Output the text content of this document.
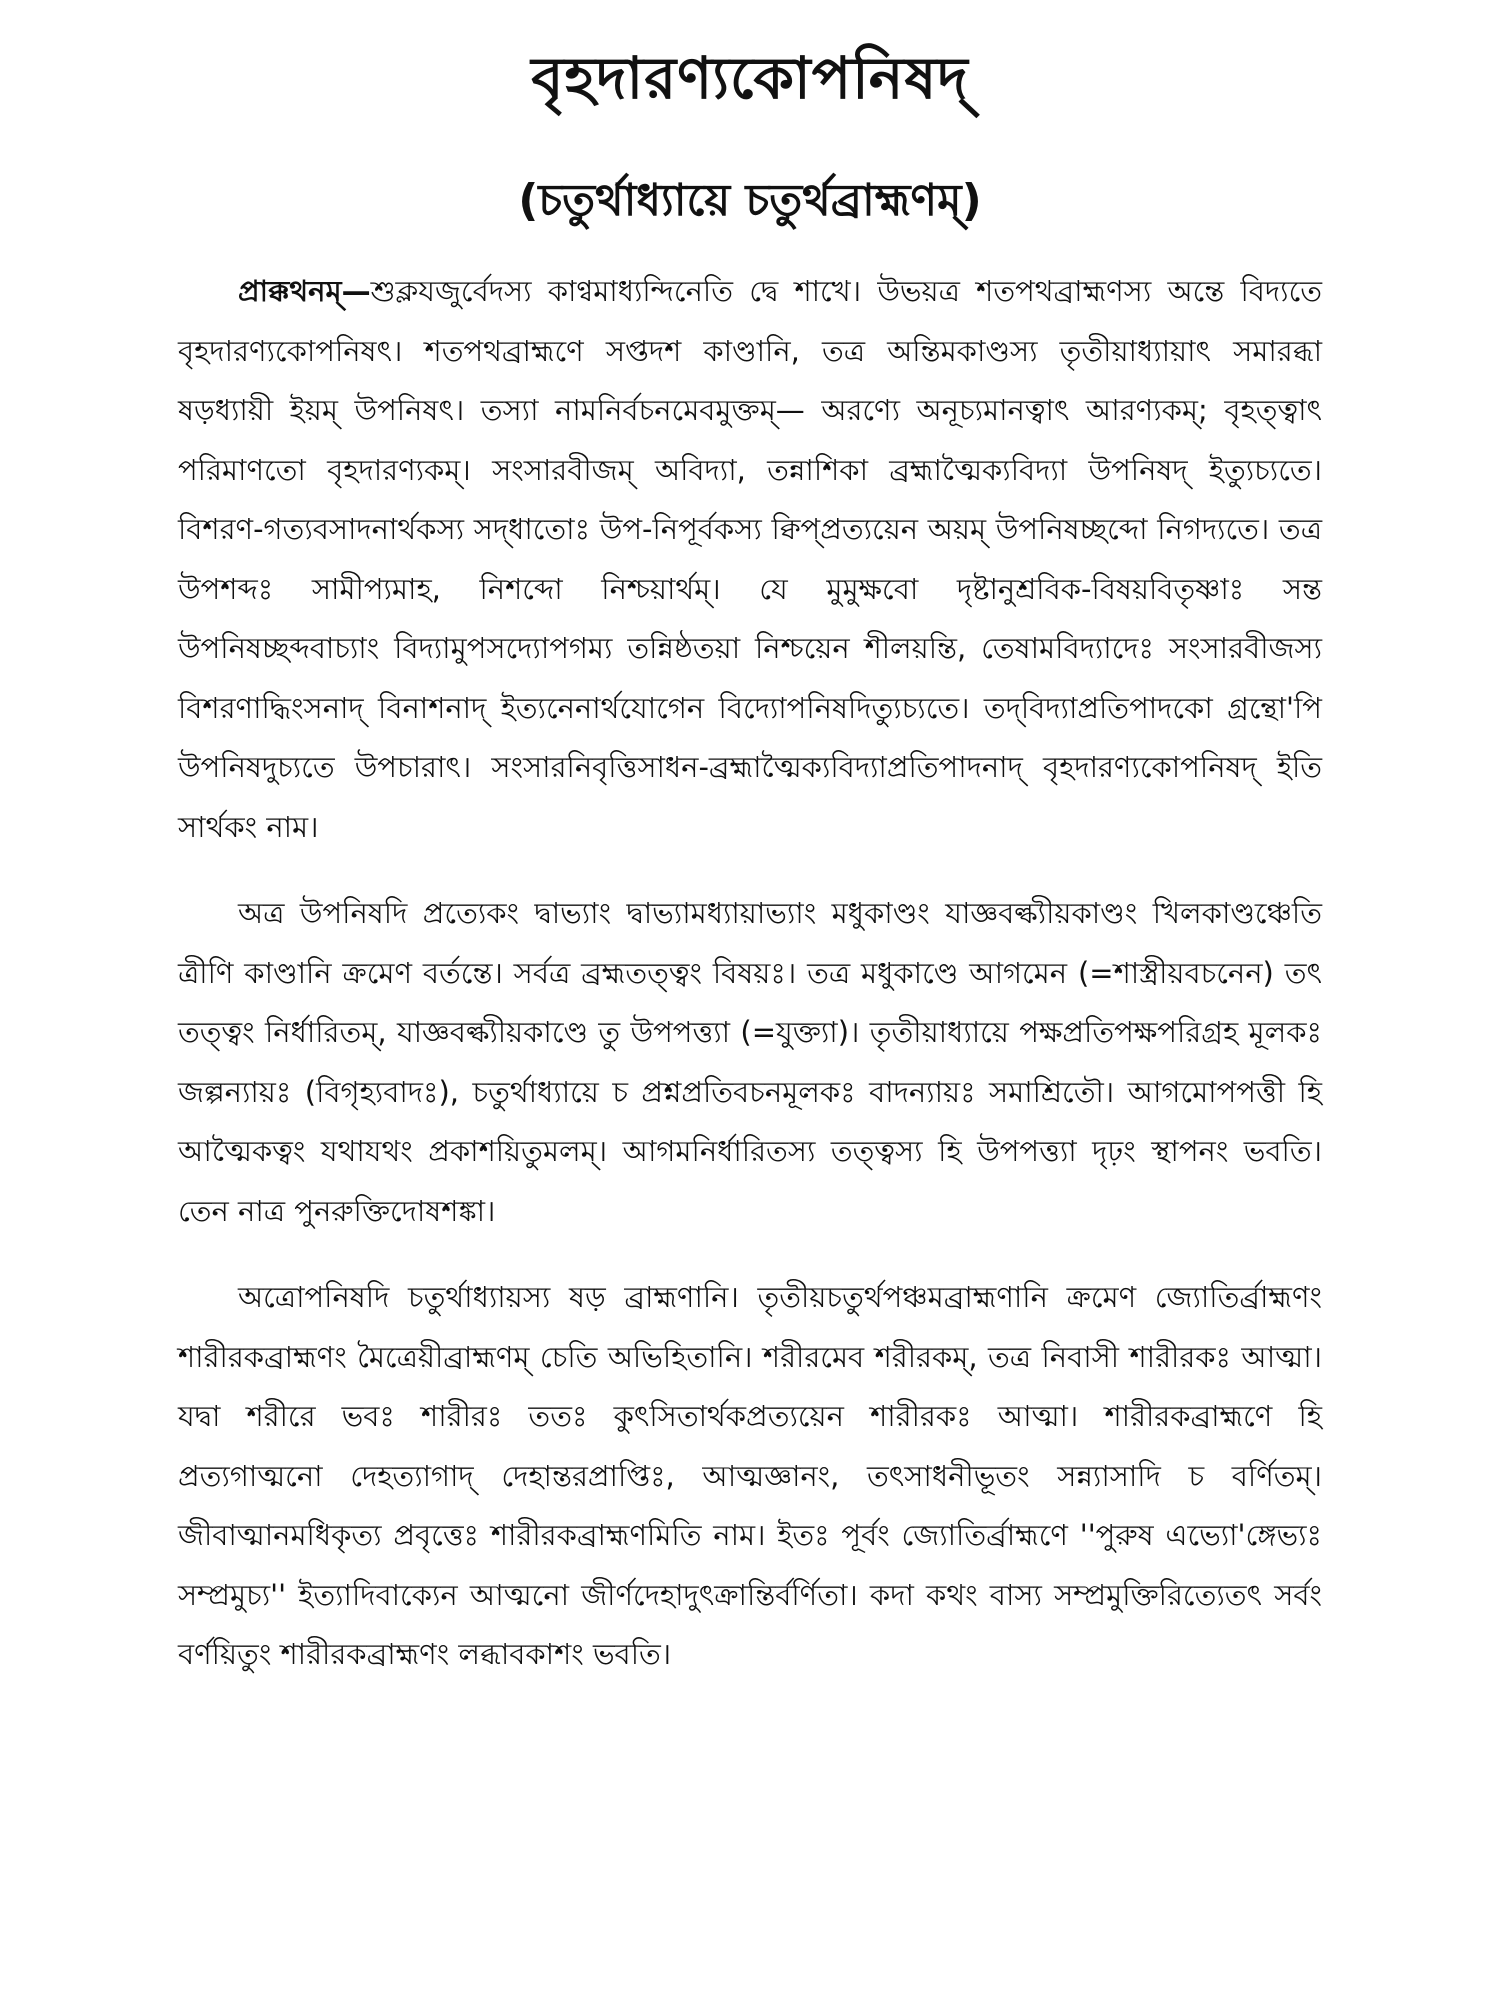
বৃহদারণ্যকোপনিষদ্
(চতুর্থাধ্যায়ে চতুর্থব্রাহ্মণম্)

প্রাক্কথনম্—শুক্লযজুর্বেদস্য কাণ্বমাধ্যন্দিনেতি দ্বে শাখে। উভয়ত্র শতপথব্রাহ্মণস্য অন্তে বিদ্যতে বৃহদারণ্যকোপনিষৎ। শতপথব্রাহ্মণে সপ্তদশ কাণ্ডানি, তত্র অন্তিমকাণ্ডস্য তৃতীয়াধ্যায়াৎ সমারব্ধা ষড়ধ্যায়ী ইয়ম্ উপনিষৎ। তস্যা নামনির্বচনমেবমুক্তম্— অরণ্যে অনূচ্যমানত্বাৎ আরণ্যকম্; বৃহত্ত্বাৎ পরিমাণতো বৃহদারণ্যকম্। সংসারবীজম্ অবিদ্যা, তন্নাশিকা ব্রহ্মাত্মৈক্যবিদ্যা উপনিষদ্ ইত্যুচ্যতে। বিশরণ-গত্যবসাদনার্থকস্য সদ্‌ধাতোঃ উপ-নিপূর্বকস্য ক্বিপ্‌প্রত্যয়েন অয়ম্ উপনিষচ্ছব্দো নিগদ্যতে। তত্র উপশব্দঃ সামীপ্যমাহ, নিশব্দো নিশ্চয়ার্থম্। যে মুমুক্ষবো দৃষ্টানুশ্রবিক-বিষয়বিতৃষ্ণাঃ সন্ত উপনিষচ্ছব্দবাচ্যাং বিদ্যামুপসদ্যোপগম্য তন্নিষ্ঠতয়া নিশ্চয়েন শীলয়ন্তি, তেষামবিদ্যাদেঃ সংসারবীজস্য বিশরণাদ্ধিংসনাদ্ বিনাশনাদ্ ইত্যনেনার্থযোগেন বিদ্যোপনিষদিত্যুচ্যতে। তদ্‌বিদ্যাপ্রতিপাদকো গ্রন্থো'পি উপনিষদুচ্যতে উপচারাৎ। সংসারনিবৃত্তিসাধন-ব্রহ্মাত্মৈক্যবিদ্যাপ্রতিপাদনাদ্ বৃহদারণ্যকোপনিষদ্ ইতি সার্থকং নাম।

অত্র উপনিষদি প্রত্যেকং দ্বাভ্যাং দ্বাভ্যামধ্যায়াভ্যাং মধুকাণ্ডং যাজ্ঞবল্ক্যীয়কাণ্ডং খিলকাণ্ডঞ্চেতি ত্রীণি কাণ্ডানি ক্রমেণ বর্তন্তে। সর্বত্র ব্রহ্মতত্ত্বং বিষয়ঃ। তত্র মধুকাণ্ডে আগমেন (=শাস্ত্রীয়বচনেন) তৎ তত্ত্বং নির্ধারিতম্, যাজ্ঞবল্ক্যীয়কাণ্ডে তু উপপত্ত্যা (=যুক্ত্যা)। তৃতীয়াধ্যায়ে পক্ষপ্রতিপক্ষপরিগ্রহ মূলকঃ জল্পন্যায়ঃ (বিগৃহ্যবাদঃ), চতুর্থাধ্যায়ে চ প্রশ্নপ্রতিবচনমূলকঃ বাদন্যায়ঃ সমাশ্রিতৌ। আগমোপপত্তী হি আত্মৈকত্বং যথাযথং প্রকাশয়িতুমলম্। আগমনির্ধারিতস্য তত্ত্বস্য হি উপপত্ত্যা দৃঢ়ং স্থাপনং ভবতি। তেন নাত্র পুনরুক্তিদোষশঙ্কা।

অত্রোপনিষদি চতুর্থাধ্যায়স্য ষড় ব্রাহ্মণানি। তৃতীয়চতুর্থপঞ্চমব্রাহ্মণানি ক্রমেণ জ্যোতির্ব্রাহ্মণং শারীরকব্রাহ্মণং মৈত্রেয়ীব্রাহ্মণম্ চেতি অভিহিতানি। শরীরমেব শরীরকম্, তত্র নিবাসী শারীরকঃ আত্মা। যদ্বা শরীরে ভবঃ শারীরঃ ততঃ কুৎসিতার্থকপ্রত্যয়েন শারীরকঃ আত্মা। শারীরকব্রাহ্মণে হি প্রত্যগাত্মনো দেহত্যাগাদ্ দেহান্তরপ্রাপ্তিঃ, আত্মজ্ঞানং, তৎসাধনীভূতং সন্ন্যাসাদি চ বর্ণিতম্। জীবাত্মানমধিকৃত্য প্রবৃত্তেঃ শারীরকব্রাহ্মণমিতি নাম। ইতঃ পূর্বং জ্যোতির্ব্রাহ্মণে ''পুরুষ এভ্যো'ঙ্গেভ্যঃ সম্প্রমুচ্য'' ইত্যাদিবাক্যেন আত্মনো জীর্ণদেহাদুৎক্রান্তির্বর্ণিতা। কদা কথং বাস্য সম্প্রমুক্তিরিত্যেতৎ সর্বং বর্ণয়িতুং শারীরকব্রাহ্মণং লব্ধাবকাশং ভবতি।
